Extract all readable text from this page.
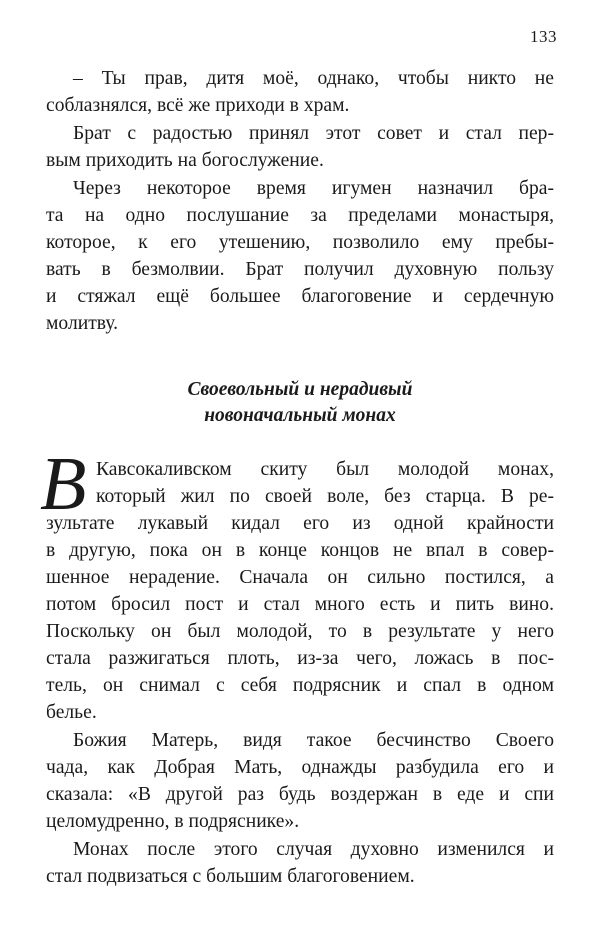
133
– Ты прав, дитя моё, однако, чтобы никто не
соблазнялся, всё же приходи в храм.
Брат с радостью принял этот совет и стал пер-
вым приходить на богослужение.
Через некоторое время игумен назначил бра-
та на одно послушание за пределами монастыря,
которое, к его утешению, позволило ему пребы-
вать в безмолвии. Брат получил духовную пользу
и стяжал ещё большее благоговение и сердечную
молитву.
Своевольный и нерадивый
новоначальный монах
В Кавсокаливском скиту был молодой монах,
который жил по своей воле, без старца. В ре-
зультате лукавый кидал его из одной крайности
в другую, пока он в конце концов не впал в совер-
шенное нерадение. Сначала он сильно постился, а
потом бросил пост и стал много есть и пить вино.
Поскольку он был молодой, то в результате у него
стала разжигаться плоть, из-за чего, ложась в пос-
тель, он снимал с себя подрясник и спал в одном
белье.
Божия Матерь, видя такое бесчинство Своего
чада, как Добрая Мать, однажды разбудила его и
сказала: «В другой раз будь воздержан в еде и спи
целомудренно, в подряснике».
Монах после этого случая духовно изменился и
стал подвизаться с большим благоговением.
